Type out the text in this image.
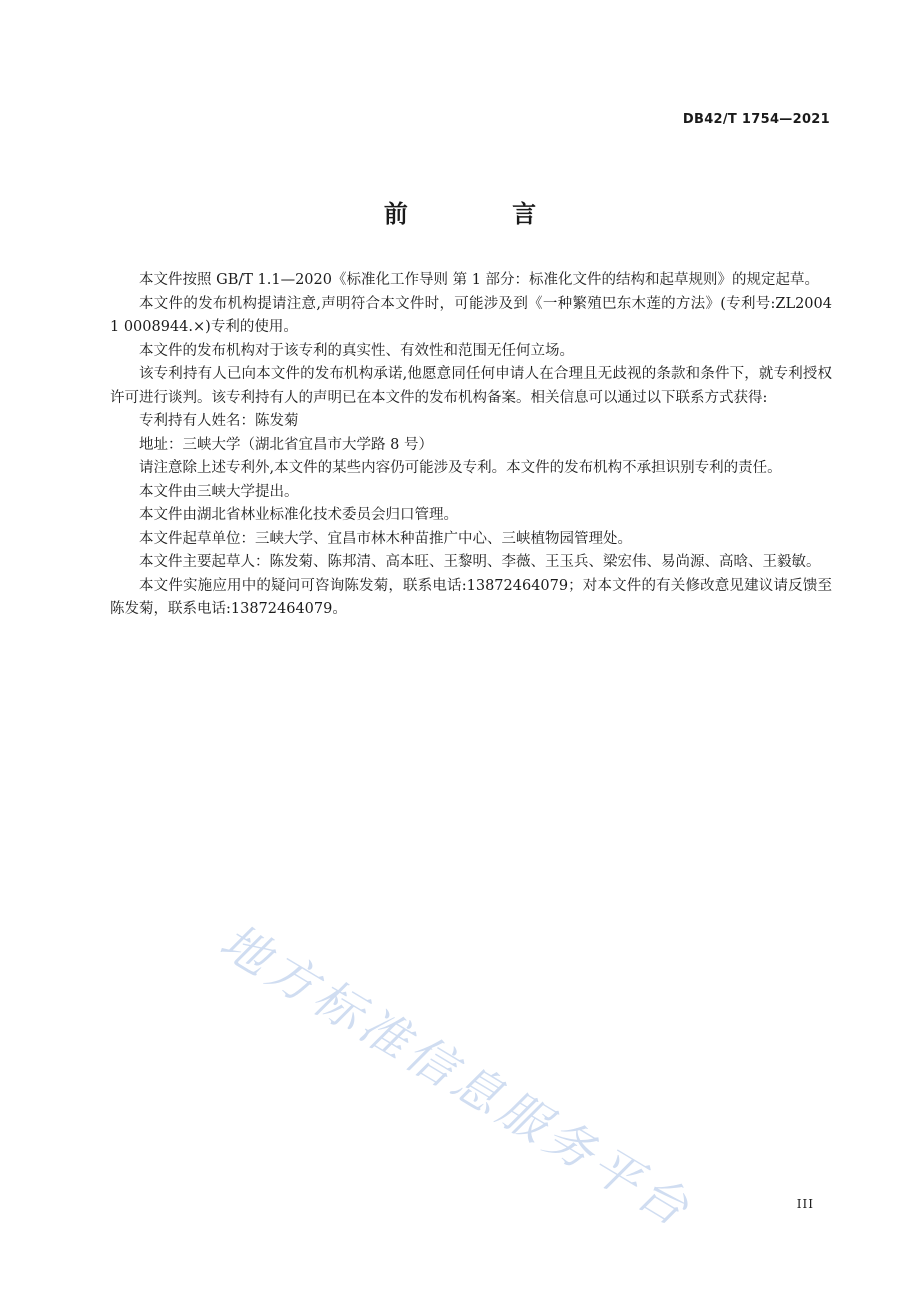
DB42/T 1754—2021
前 言

本文件按照 GB/T 1.1—2020《标准化工作导则 第 1 部分：标准化文件的结构和起草规则》的规定起草。

本文件的发布机构提请注意,声明符合本文件时，可能涉及到《一种繁殖巴东木莲的方法》(专利号:ZL2004 1 0008944.×)专利的使用。

本文件的发布机构对于该专利的真实性、有效性和范围无任何立场。

该专利持有人已向本文件的发布机构承诺,他愿意同任何申请人在合理且无歧视的条款和条件下，就专利授权许可进行谈判。该专利持有人的声明已在本文件的发布机构备案。相关信息可以通过以下联系方式获得:

专利持有人姓名：陈发菊

地址：三峡大学（湖北省宜昌市大学路 8 号）

请注意除上述专利外,本文件的某些内容仍可能涉及专利。本文件的发布机构不承担识别专利的责任。

本文件由三峡大学提出。

本文件由湖北省林业标准化技术委员会归口管理。

本文件起草单位：三峡大学、宜昌市林木种苗推广中心、三峡植物园管理处。

本文件主要起草人：陈发菊、陈邦清、高本旺、王黎明、李薇、王玉兵、梁宏伟、易尚源、高晗、王毅敏。

本文件实施应用中的疑问可咨询陈发菊，联系电话:13872464079；对本文件的有关修改意见建议请反馈至陈发菊，联系电话:13872464079。

地方标准信息服务平台	III
